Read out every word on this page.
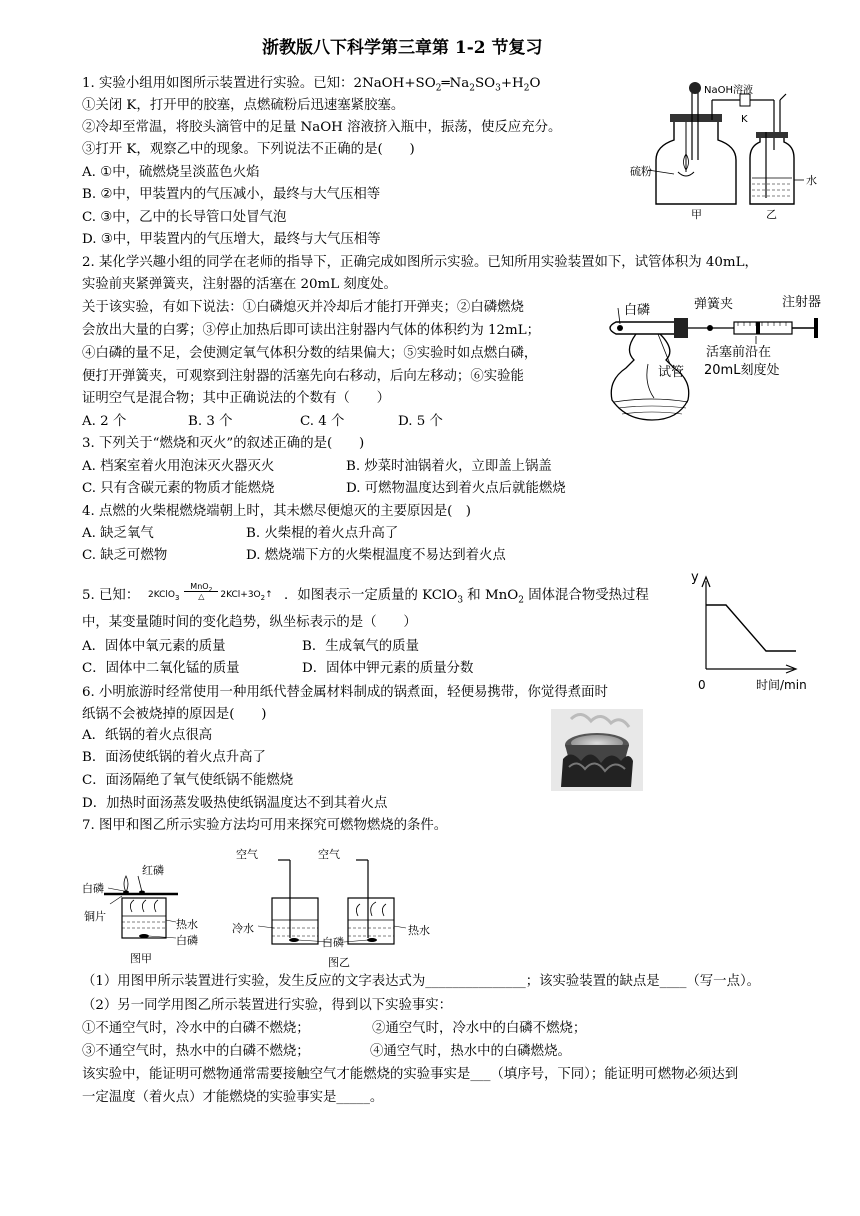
浙教版八下科学第三章第 1-2 节复习
1. 实验小组用如图所示装置进行实验。已知：$2NaOH+SO_2═Na_2SO_3+H_2O$
①关闭 K，打开甲的胶塞，点燃硫粉后迅速塞紧胶塞。
②冷却至常温，将胶头滴管中的足量 NaOH 溶液挤入瓶中，振荡，使反应充分。
③打开 K，观察乙中的现象。下列说法不正确的是(　　)
A. ①中，硫燃烧呈淡蓝色火焰
B. ②中，甲装置内的气压减小，最终与大气压相等
C. ③中，乙中的长导管口处冒气泡
D. ③中，甲装置内的气压增大，最终与大气压相等
NaOH溶液
K
硫粉
水
甲	乙
2. 某化学兴趣小组的同学在老师的指导下，正确完成如图所示实验。已知所用实验装置如下，试管体积为 40mL，
实验前夹紧弹簧夹，注射器的活塞在 20mL 刻度处。
关于该实验，有如下说法：①白磷熄灭并冷却后才能打开弹夹；②白磷燃烧
会放出大量的白雾；③停止加热后即可读出注射器内气体的体积约为 12mL；
④白磷的量不足，会使测定氧气体积分数的结果偏大；⑤实验时如点燃白磷，
便打开弹簧夹，可观察到注射器的活塞先向右移动，后向左移动；⑥实验能
证明空气是混合物；其中正确说法的个数有（　　）
A. 2 个	B. 3 个	C. 4 个	D. 5 个
白磷	弹簧夹	注射器
试管
活塞前沿在
20mL刻度处
3. 下列关于“燃烧和灭火”的叙述正确的是(　　)
A. 档案室着火用泡沫灭火器灭火	B. 炒菜时油锅着火，立即盖上锅盖
C. 只有含碳元素的物质才能燃烧	D. 可燃物温度达到着火点后就能燃烧
4. 点燃的火柴棍燃烧端朝上时，其未燃尽便熄灭的主要原因是(　)
A. 缺乏氧气	B. 火柴棍的着火点升高了
C. 缺乏可燃物	D. 燃烧端下方的火柴棍温度不易达到着火点
5. 已知： 2KClO$_3$
MnO$_2$
△	$2KCl+3O_2↑$ ．如图表示一定质量的 KClO$_3$ 和 MnO$_2$ 固体混合物受热过程
中，某变量随时间的变化趋势，纵坐标表示的是（　　）
A．固体中氧元素的质量	B．生成氧气的质量
C．固体中二氧化锰的质量	D．固体中钾元素的质量分数
y
0	时间/min
6. 小明旅游时经常使用一种用纸代替金属材料制成的锅煮面，轻便易携带，你觉得煮面时
纸锅不会被烧掉的原因是(　　)
A．纸锅的着火点很高
B．面汤使纸锅的着火点升高了
C．面汤隔绝了氧气使纸锅不能燃烧
D．加热时面汤蒸发吸热使纸锅温度达不到其着火点
7. 图甲和图乙所示实验方法均可用来探究可燃物燃烧的条件。
红磷
白磷
铜片
热水
白磷
图甲
空气	空气
冷水
白磷
热水
图乙
（1）用图甲所示装置进行实验，发生反应的文字表达式为_______________；该实验装置的缺点是____（写一点）。
（2）另一同学用图乙所示装置进行实验，得到以下实验事实：
①不通空气时，冷水中的白磷不燃烧；	②通空气时，冷水中的白磷不燃烧；
③不通空气时，热水中的白磷不燃烧；	④通空气时，热水中的白磷燃烧。
该实验中，能证明可燃物通常需要接触空气才能燃烧的实验事实是___（填序号，下同）；能证明可燃物必须达到
一定温度（着火点）才能燃烧的实验事实是_____。
